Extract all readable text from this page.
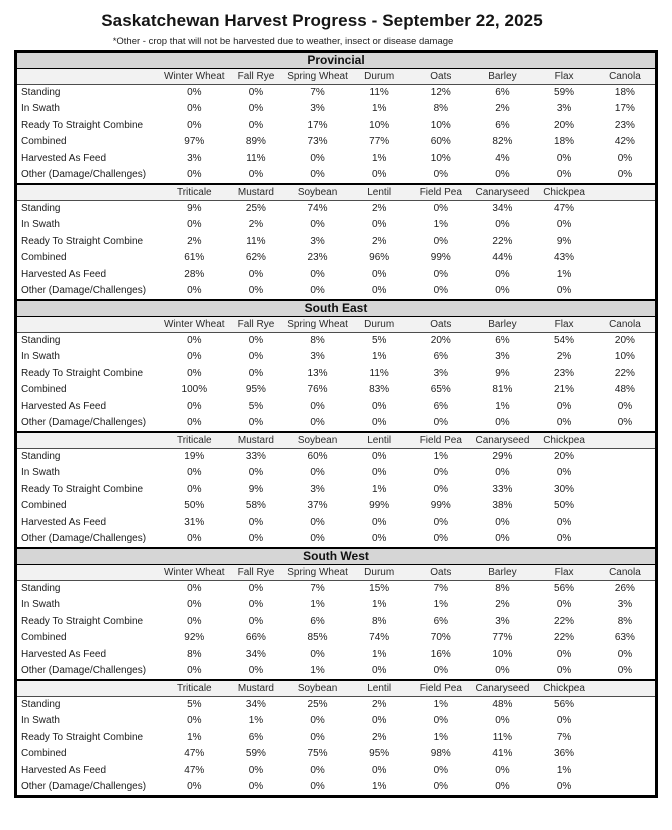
Saskatchewan Harvest Progress - September 22, 2025
*Other - crop that will not be harvested due to weather, insect or disease damage
Provincial								
	Winter Wheat	Fall Rye	Spring Wheat	Durum	Oats	Barley	Flax	Canola
Standing	0%	0%	7%	11%	12%	6%	59%	18%
In Swath	0%	0%	3%	1%	8%	2%	3%	17%
Ready To Straight Combine	0%	0%	17%	10%	10%	6%	20%	23%
Combined	97%	89%	73%	77%	60%	82%	18%	42%
Harvested As Feed	3%	11%	0%	1%	10%	4%	0%	0%
Other (Damage/Challenges)	0%	0%	0%	0%	0%	0%	0%	0%
	Triticale	Mustard	Soybean	Lentil	Field Pea	Canaryseed	Chickpea	
Standing	9%	25%	74%	2%	0%	34%	47%	
In Swath	0%	2%	0%	0%	1%	0%	0%	
Ready To Straight Combine	2%	11%	3%	2%	0%	22%	9%	
Combined	61%	62%	23%	96%	99%	44%	43%	
Harvested As Feed	28%	0%	0%	0%	0%	0%	1%	
Other (Damage/Challenges)	0%	0%	0%	0%	0%	0%	0%	
South East								
	Winter Wheat	Fall Rye	Spring Wheat	Durum	Oats	Barley	Flax	Canola
Standing	0%	0%	8%	5%	20%	6%	54%	20%
In Swath	0%	0%	3%	1%	6%	3%	2%	10%
Ready To Straight Combine	0%	0%	13%	11%	3%	9%	23%	22%
Combined	100%	95%	76%	83%	65%	81%	21%	48%
Harvested As Feed	0%	5%	0%	0%	6%	1%	0%	0%
Other (Damage/Challenges)	0%	0%	0%	0%	0%	0%	0%	0%
	Triticale	Mustard	Soybean	Lentil	Field Pea	Canaryseed	Chickpea	
Standing	19%	33%	60%	0%	1%	29%	20%	
In Swath	0%	0%	0%	0%	0%	0%	0%	
Ready To Straight Combine	0%	9%	3%	1%	0%	33%	30%	
Combined	50%	58%	37%	99%	99%	38%	50%	
Harvested As Feed	31%	0%	0%	0%	0%	0%	0%	
Other (Damage/Challenges)	0%	0%	0%	0%	0%	0%	0%	
South West								
	Winter Wheat	Fall Rye	Spring Wheat	Durum	Oats	Barley	Flax	Canola
Standing	0%	0%	7%	15%	7%	8%	56%	26%
In Swath	0%	0%	1%	1%	1%	2%	0%	3%
Ready To Straight Combine	0%	0%	6%	8%	6%	3%	22%	8%
Combined	92%	66%	85%	74%	70%	77%	22%	63%
Harvested As Feed	8%	34%	0%	1%	16%	10%	0%	0%
Other (Damage/Challenges)	0%	0%	1%	0%	0%	0%	0%	0%
	Triticale	Mustard	Soybean	Lentil	Field Pea	Canaryseed	Chickpea	
Standing	5%	34%	25%	2%	1%	48%	56%	
In Swath	0%	1%	0%	0%	0%	0%	0%	
Ready To Straight Combine	1%	6%	0%	2%	1%	11%	7%	
Combined	47%	59%	75%	95%	98%	41%	36%	
Harvested As Feed	47%	0%	0%	0%	0%	0%	1%	
Other (Damage/Challenges)	0%	0%	0%	1%	0%	0%	0%	
